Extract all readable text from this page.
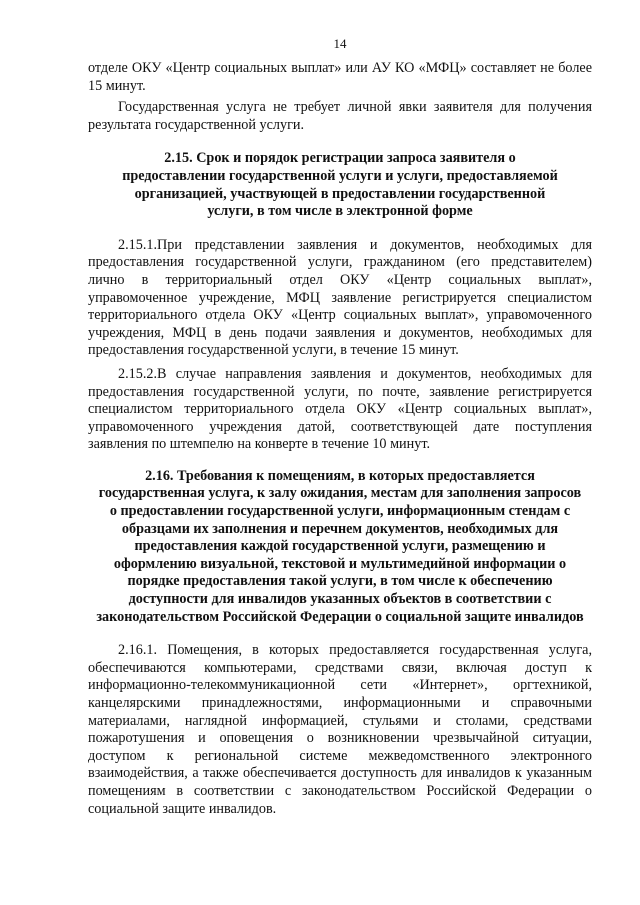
14

отделе ОКУ «Центр социальных выплат» или АУ КО «МФЦ» составляет не более 15 минут.

Государственная услуга не требует личной явки заявителя для получения результата государственной услуги.

2.15. Срок и порядок регистрации запроса заявителя о предоставлении государственной услуги и услуги, предоставляемой организацией, участвующей в предоставлении государственной услуги, в том числе в электронной форме

2.15.1.При представлении заявления и документов, необходимых для предоставления государственной услуги, гражданином (его представителем) лично в территориальный отдел ОКУ «Центр социальных выплат», управомоченное учреждение, МФЦ заявление регистрируется специалистом территориального отдела ОКУ «Центр социальных выплат», управомоченного учреждения, МФЦ в день подачи заявления и документов, необходимых для предоставления государственной услуги, в течение 15 минут.

2.15.2.В случае направления заявления и документов, необходимых для предоставления государственной услуги, по почте, заявление регистрируется специалистом территориального отдела ОКУ «Центр социальных выплат», управомоченного учреждения датой, соответствующей дате поступления заявления по штемпелю на конверте в течение 10 минут.

2.16. Требования к помещениям, в которых предоставляется государственная услуга, к залу ожидания, местам для заполнения запросов о предоставлении государственной услуги, информационным стендам с образцами их заполнения и перечнем документов, необходимых для предоставления каждой государственной услуги, размещению и оформлению визуальной, текстовой и мультимедийной информации о порядке предоставления такой услуги, в том числе к обеспечению доступности для инвалидов указанных объектов в соответствии с законодательством Российской Федерации о социальной защите инвалидов

2.16.1. Помещения, в которых предоставляется государственная услуга, обеспечиваются компьютерами, средствами связи, включая доступ к информационно-телекоммуникационной сети «Интернет», оргтехникой, канцелярскими принадлежностями, информационными и справочными материалами, наглядной информацией, стульями и столами, средствами пожаротушения и оповещения о возникновении чрезвычайной ситуации, доступом к региональной системе межведомственного электронного взаимодействия, а также обеспечивается доступность для инвалидов к указанным помещениям в соответствии с законодательством Российской Федерации о социальной защите инвалидов.
